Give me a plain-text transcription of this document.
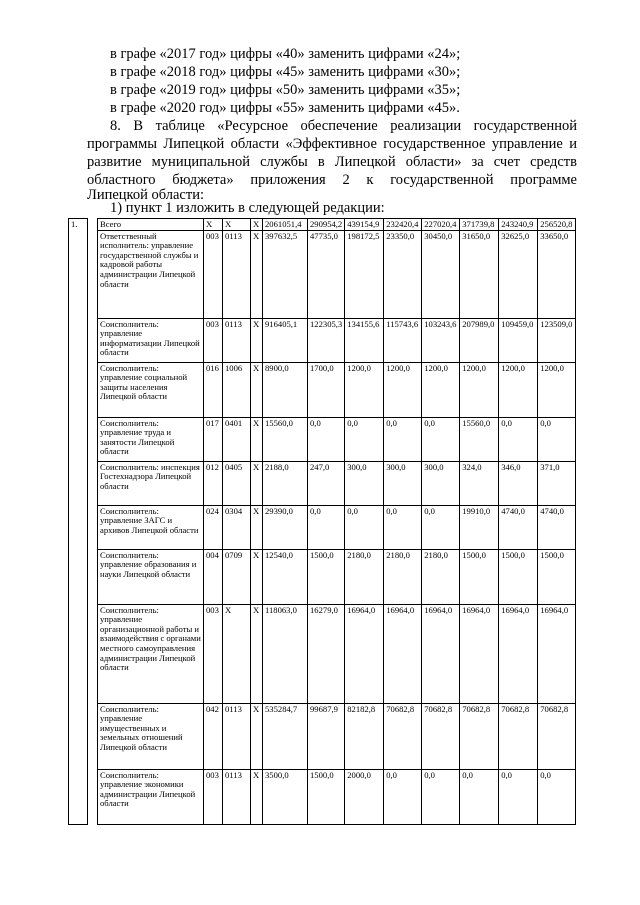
в графе «2017 год» цифры «40» заменить цифрами «24»;
в графе «2018 год» цифры «45» заменить цифрами «30»;
в графе «2019 год» цифры «50» заменить цифрами «35»;
в графе «2020 год» цифры «55» заменить цифрами «45».
8. В таблице «Ресурсное обеспечение реализации государственной
программы Липецкой области «Эффективное государственное управление и
развитие муниципальной службы в Липецкой области» за счет средств
областного бюджета» приложения 2 к государственной программе
Липецкой области:
1) пункт 1 изложить в следующей редакции:
1.		Всего	Х	Х	Х	2061051,4	290954,2	439154,9	232420,4	227020,4	371739,8	243240,9	256520,8
		Ответственный исполнитель: управление государственной службы и кадровой работы администрации Липецкой области	003	0113	Х	397632,5	47735,0	198172,5	23350,0	30450,0	31650,0	32625,0	33650,0
		Соисполнитель: управление информатизации Липецкой области	003	0113	Х	916405,1	122305,3	134155,6	115743,6	103243,6	207989,0	109459,0	123509,0
		Соисполнитель: управление социальной защиты населения Липецкой области	016	1006	Х	8900,0	1700,0	1200,0	1200,0	1200,0	1200,0	1200,0	1200,0
		Соисполнитель: управление труда и занятости Липецкой области	017	0401	Х	15560,0	0,0	0,0	0,0	0,0	15560,0	0,0	0,0
		Соисполнитель: инспекция Гостехнадзора Липецкой области	012	0405	Х	2188,0	247,0	300,0	300,0	300,0	324,0	346,0	371,0
		Соисполнитель: управление ЗАГС и архивов Липецкой области	024	0304	Х	29390,0	0,0	0,0	0,0	0,0	19910,0	4740,0	4740,0
		Соисполнитель: управление образования и науки Липецкой области	004	0709	Х	12540,0	1500,0	2180,0	2180,0	2180,0	1500,0	1500,0	1500,0
		Соисполнитель: управление организационной работы и взаимодействия с органами местного самоуправления администрации Липецкой области	003	Х	Х	118063,0	16279,0	16964,0	16964,0	16964,0	16964,0	16964,0	16964,0
		Соисполнитель: управление имущественных и земельных отношений Липецкой области	042	0113	Х	535284,7	99687,9	82182,8	70682,8	70682,8	70682,8	70682,8	70682,8
		Соисполнитель: управление экономики администрации Липецкой области	003	0113	Х	3500,0	1500,0	2000,0	0,0	0,0	0,0	0,0	0,0
